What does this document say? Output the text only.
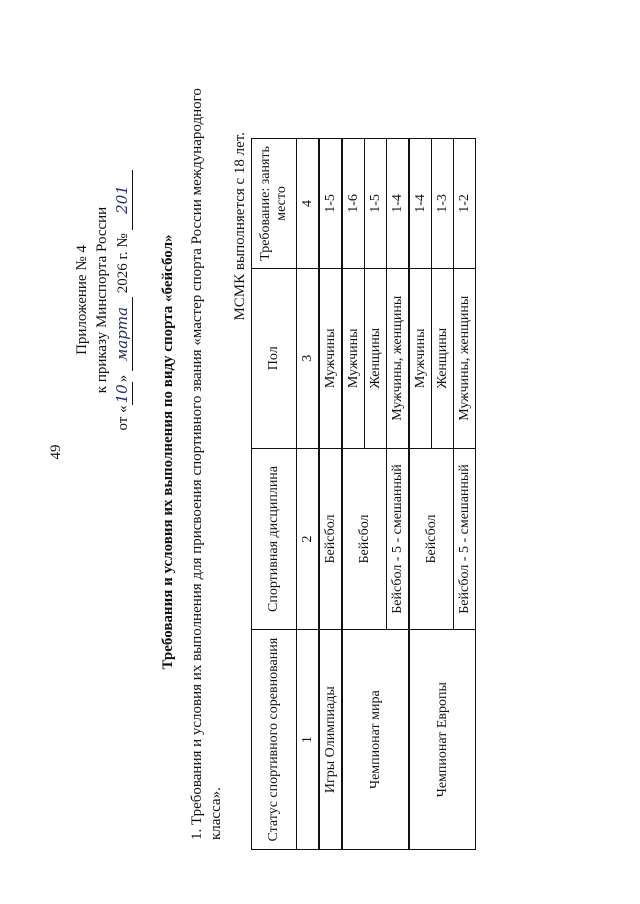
49
Приложение № 4 к приказу Минспорта России
от «10» марта 2026 г. № 201
Требования и условия их выполнения по виду спорта «бейсбол» 1. Требования и условия их выполнения для присвоения спортивного звания «мастер спорта России международного класса».
МСМК выполняется с 18 лет.
Статус спортивного соревнования	Спортивная дисциплина	Пол	Требование: занять место
1	2	3	4
Игры Олимпиады	Бейсбол	Мужчины	1-5
Чемпионат мира	Бейсбол	Мужчины	1-6
		Женщины	1-5
	Бейсбол - 5 - смешанный	Мужчины, женщины	1-4
Чемпионат Европы	Бейсбол	Мужчины	1-4
		Женщины	1-3
	Бейсбол - 5 - смешанный	Мужчины, женщины	1-2
